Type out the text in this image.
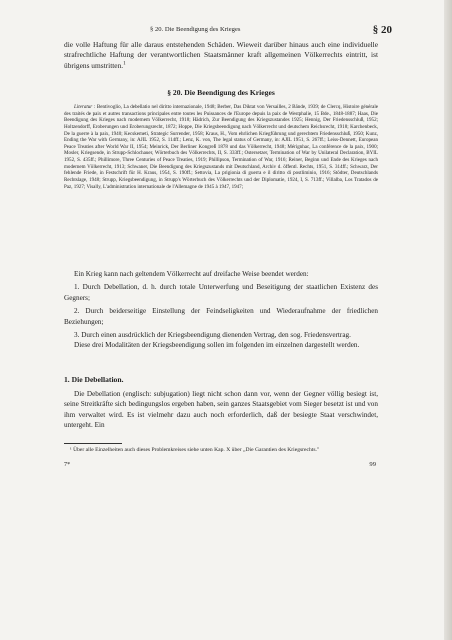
§ 20. Die Beendigung des Krieges	§ 20

die volle Haftung für alle daraus entstehenden Schäden. Wieweit darüber hinaus auch eine individuelle strafrechtliche Haftung der verantwortlichen Staatsmänner kraft allgemeinen Völkerrechts eintritt, ist übrigens umstritten.$^1$

§ 20. Die Beendigung des Krieges

Literatur : Bentivoglio, La debellatio nel diritto internazionale, 1948; Berber, Das Diktat von Versailles, 2 Bände, 1939; de Clercq, Histoire générale des traités de paix et autres transactions principales entre toutes les Puissances de l'Europe depuis la paix de Westphalie, 15 Bde., 1848-1887; Haas, Die Beendigung des Krieges nach modernem Völkerrecht, 1918; Hädrich, Zur Beendigung des Kriegszustandes 1925; Hennig, Der Friedensschluß, 1952; Holtzendorff, Eroberungen und Eroberungsrecht, 1872; Hoppe, Die Kriegsbeendigung nach Völkerrecht und deutschem Reichsrecht, 1918; Karchenbeck, De la guerre à la paix, 1940; Kecskemeti, Strategic Surrender, 1958; Kraus, H., Vom ehrlichen Kriegführung und gerechtem Friedensschluß, 1950; Kunz, Ending the War with Germany, in: AJIL 1952, S. 114ff.; Lenz, K. von, The legal status of Germany, in: AJIL 1951, S. 267ff.; Leiss-Dennett, European Peace Treaties after World War II, 1954; Meinrick, Der Berliner Kongreß 1878 und das Völkerrecht, 1948; Mérignhac, La conférence de la paix, 1900; Mosler, Kriegsende, in Strupp-Schlochauer, Wörterbuch des Völkerrechts, II, S. 333ff.; Ostersetzer, Termination of War by Unilateral Declaration, BYIL 1952, S. 435ff.; Phillimore, Three Centuries of Peace Treaties, 1919; Phillipson, Termination of War, 1916; Reiner, Beginn und Ende des Krieges nach modernem Völkerrecht, 1913; Schwaner, Die Beendigung des Kriegszustands mit Deutschland, Archiv d. öffentl. Rechts, 1951, S. 314ff.; Schwarz, Der fehlende Friede, in Festschrift für H. Kraus, 1954, S. 190ff.; Settovia, La prigionia di guerra e il diritto di postliminio, 1916; Stödter, Deutschlands Rechtslage, 1948; Strupp, Kriegsbeendigung, in Strupp's Wörterbuch des Völkerrechts und der Diplomatie, 1924, I, S. 713ff.; Villalba, Los Tratados de Paz, 1927; Visally, L'administration internationale de l'Allemagne de 1945 à 1947, 1947;

Ein Krieg kann nach geltendem Völkerrecht auf dreifache Weise beendet werden:

1. Durch Debellation, d. h. durch totale Unterwerfung und Beseitigung der staatlichen Existenz des Gegners;

2. Durch beiderseitige Einstellung der Feindseligkeiten und Wiederaufnahme der friedlichen Beziehungen;

3. Durch einen ausdrücklich der Kriegsbeendigung dienenden Vertrag, den sog. Friedensvertrag.

Diese drei Modalitäten der Kriegsbeendigung sollen im folgenden im einzelnen dargestellt werden.

1. Die Debellation.

Die Debellation (englisch: subjugation) liegt nicht schon dann vor, wenn der Gegner völlig besiegt ist, seine Streitkräfte sich bedingungslos ergeben haben, sein ganzes Staatsgebiet vom Sieger besetzt ist und von ihm verwaltet wird. Es ist vielmehr dazu auch noch erforderlich, daß der besiegte Staat verschwindet, untergeht. Ein

¹ Über alle Einzelheiten auch dieses Problemkreises siehe unten Kap. X über „Die Garantien des Kriegsrechts."

7*	99
